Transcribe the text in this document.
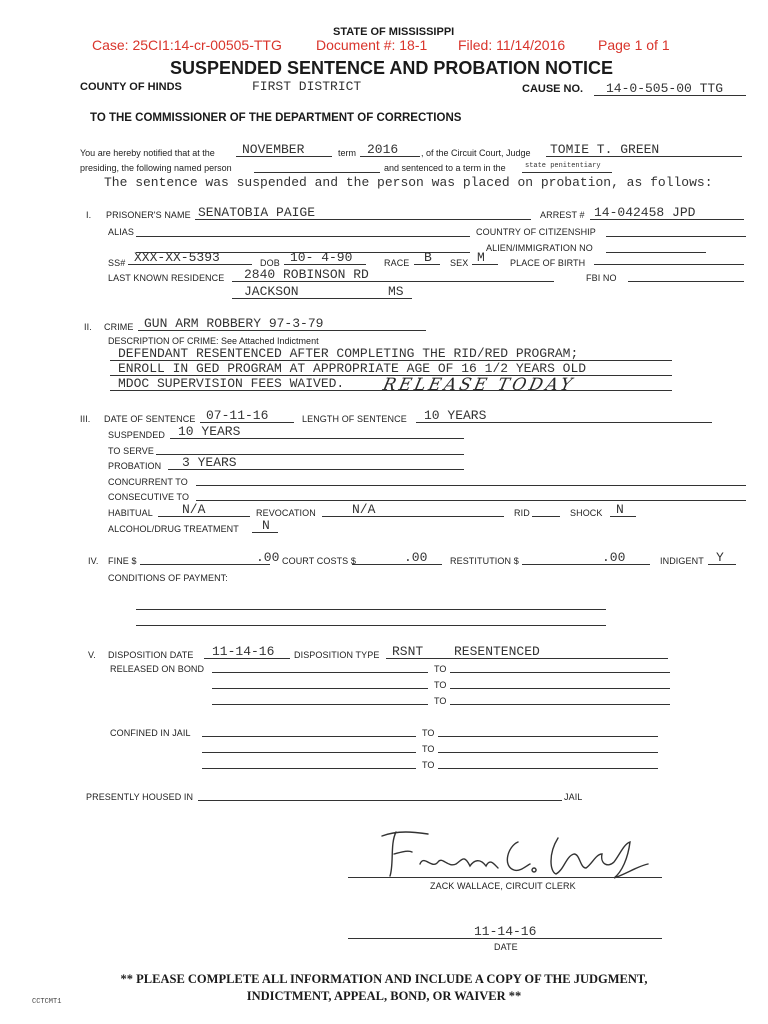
Case: 25CI1:14-cr-00505-TTG Document #: 18-1 Filed: 11/14/2016 Page 1 of 1
STATE OF MISSISSIPPI
SUSPENDED SENTENCE AND PROBATION NOTICE
COUNTY OF HINDS	FIRST DISTRICT	CAUSE NO. 14-0-505-00 TTG
TO THE COMMISSIONER OF THE DEPARTMENT OF CORRECTIONS
You are hereby notified that at the NOVEMBER	term 2016	, of the Circuit Court, Judge TOMIE T. GREEN
presiding, the following named person	and sentenced to a term in the	state penitentiary
The sentence was suspended and the person was placed on probation, as follows:
I. PRISONER'S NAME SENATOBIA PAIGE	ARREST # 14-042458 JPD
ALIAS	COUNTRY OF CITIZENSHIP
ALIEN/IMMIGRATION NO
SS# XXX-XX-5393	DOB 10- 4-90	RACE B SEX M	PLACE OF BIRTH
LAST KNOWN RESIDENCE 2840 ROBINSON RD	FBI NO
JACKSON	MS
II. CRIME GUN ARM ROBBERY 97-3-79
DESCRIPTION OF CRIME: See Attached Indictment
DEFENDANT RESENTENCED AFTER COMPLETING THE RID/RED PROGRAM;
ENROLL IN GED PROGRAM AT APPROPRIATE AGE OF 16 1/2 YEARS OLD
MDOC SUPERVISION FEES WAIVED. RELEASE TODAY
III. DATE OF SENTENCE 07-11-16	LENGTH OF SENTENCE 10 YEARS
SUSPENDED 10 YEARS
TO SERVE
PROBATION 3 YEARS
CONCURRENT TO
CONSECUTIVE TO
HABITUAL N/A	REVOCATION	N/A	RID	SHOCK N
ALCOHOL/DRUG TREATMENT N
IV. FINE $	.00 COURT COSTS $	.00	RESTITUTION $	.00	INDIGENT Y
CONDITIONS OF PAYMENT:
V. DISPOSITION DATE 11-14-16 DISPOSITION TYPE RSNT RESENTENCED
RELEASED ON BOND	TO
TO
TO
CONFINED IN JAIL	TO
TO
TO
PRESENTLY HOUSED IN	JAIL
ZACK WALLACE, CIRCUIT CLERK
11-14-16
DATE
** PLEASE COMPLETE ALL INFORMATION AND INCLUDE A COPY OF THE JUDGMENT,
INDICTMENT, APPEAL, BOND, OR WAIVER **
CCTCMT1
